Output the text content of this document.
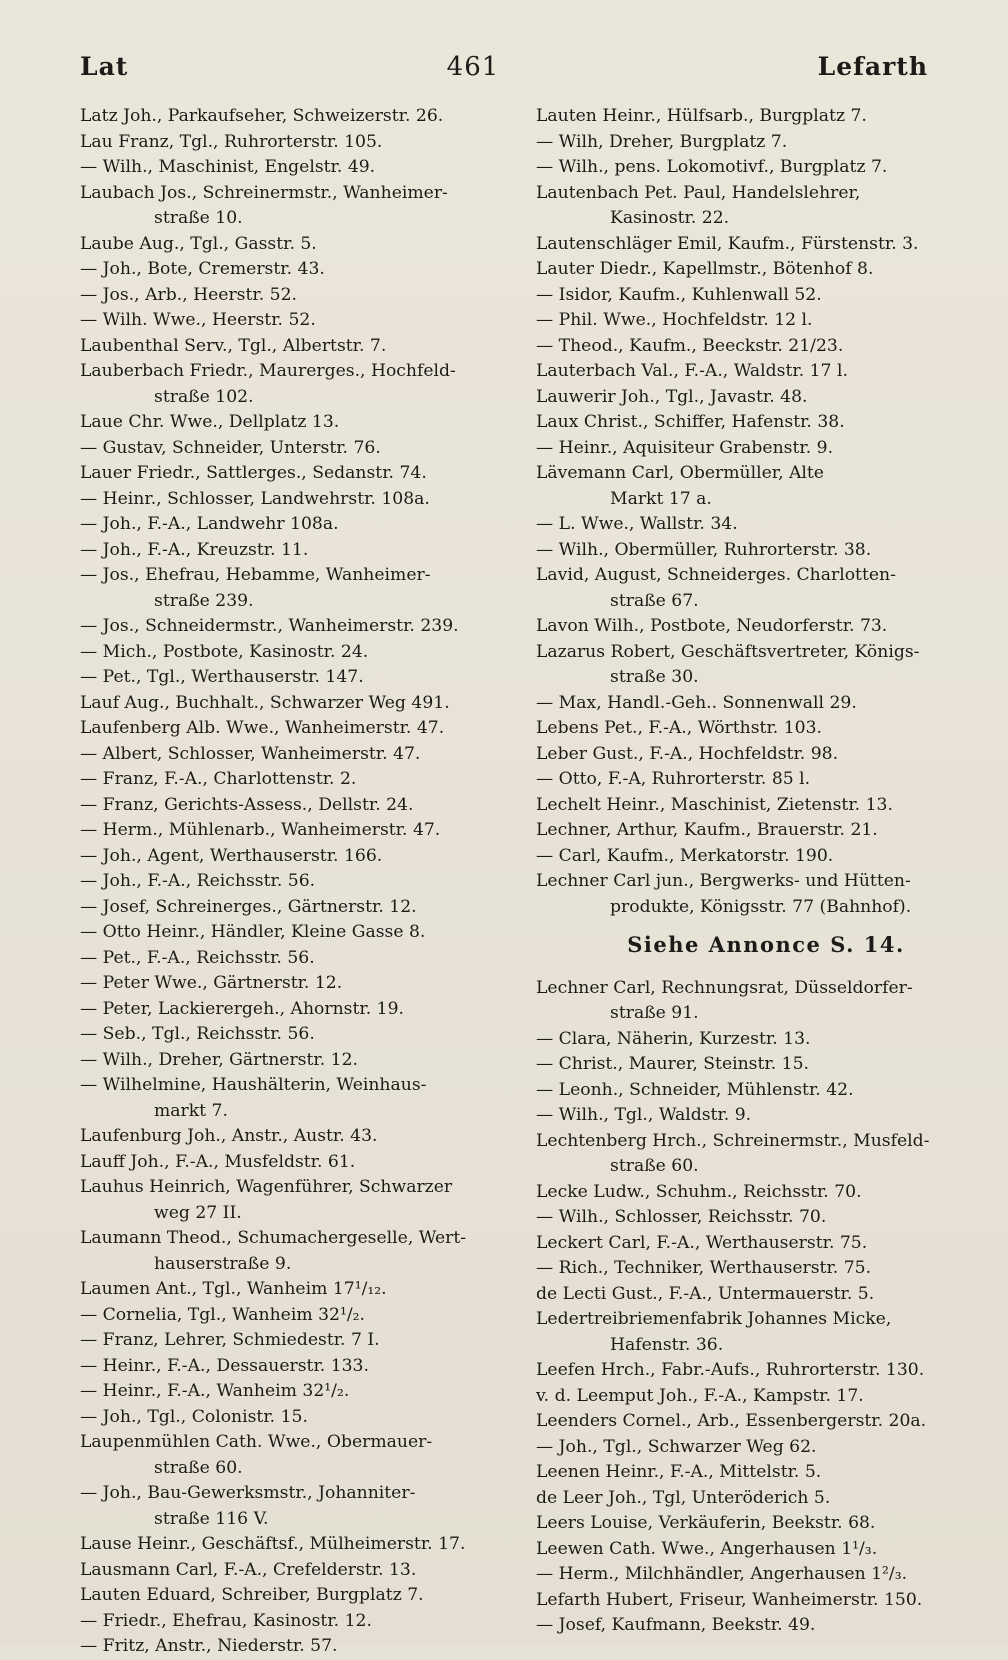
Lat	461	Lefarth
Latz Joh., Parkaufseher, Schweizerstr. 26.
Lau Franz, Tgl., Ruhrorterstr. 105.
— Wilh., Maschinist, Engelstr. 49.
Laubach Jos., Schreinermstr., Wanheimer-
straße 10.
Laube Aug., Tgl., Gasstr. 5.
— Joh., Bote, Cremerstr. 43.
— Jos., Arb., Heerstr. 52.
— Wilh. Wwe., Heerstr. 52.
Laubenthal Serv., Tgl., Albertstr. 7.
Lauberbach Friedr., Maurerges., Hochfeld-
straße 102.
Laue Chr. Wwe., Dellplatz 13.
— Gustav, Schneider, Unterstr. 76.
Lauer Friedr., Sattlerges., Sedanstr. 74.
— Heinr., Schlosser, Landwehrstr. 108a.
— Joh., F.-A., Landwehr 108a.
— Joh., F.-A., Kreuzstr. 11.
— Jos., Ehefrau, Hebamme, Wanheimer-
straße 239.
— Jos., Schneidermstr., Wanheimerstr. 239.
— Mich., Postbote, Kasinostr. 24.
— Pet., Tgl., Werthauserstr. 147.
Lauf Aug., Buchhalt., Schwarzer Weg 491.
Laufenberg Alb. Wwe., Wanheimerstr. 47.
— Albert, Schlosser, Wanheimerstr. 47.
— Franz, F.-A., Charlottenstr. 2.
— Franz, Gerichts-Assess., Dellstr. 24.
— Herm., Mühlenarb., Wanheimerstr. 47.
— Joh., Agent, Werthauserstr. 166.
— Joh., F.-A., Reichsstr. 56.
— Josef, Schreinerges., Gärtnerstr. 12.
— Otto Heinr., Händler, Kleine Gasse 8.
— Pet., F.-A., Reichsstr. 56.
— Peter Wwe., Gärtnerstr. 12.
— Peter, Lackierergeh., Ahornstr. 19.
— Seb., Tgl., Reichsstr. 56.
— Wilh., Dreher, Gärtnerstr. 12.
— Wilhelmine, Haushälterin, Weinhaus-
markt 7.
Laufenburg Joh., Anstr., Austr. 43.
Lauff Joh., F.-A., Musfeldstr. 61.
Lauhus Heinrich, Wagenführer, Schwarzer
weg 27 II.
Laumann Theod., Schumachergeselle, Wert-
hauserstraße 9.
Laumen Ant., Tgl., Wanheim 17¹/₁₂.
— Cornelia, Tgl., Wanheim 32¹/₂.
— Franz, Lehrer, Schmiedestr. 7 I.
— Heinr., F.-A., Dessauerstr. 133.
— Heinr., F.-A., Wanheim 32¹/₂.
— Joh., Tgl., Colonistr. 15.
Laupenmühlen Cath. Wwe., Obermauer-
straße 60.
— Joh., Bau-Gewerksmstr., Johanniter-
straße 116 V.
Lause Heinr., Geschäftsf., Mülheimerstr. 17.
Lausmann Carl, F.-A., Crefelderstr. 13.
Lauten Eduard, Schreiber, Burgplatz 7.
— Friedr., Ehefrau, Kasinostr. 12.
— Fritz, Anstr., Niederstr. 57.
Lauten Heinr., Hülfsarb., Burgplatz 7.
— Wilh, Dreher, Burgplatz 7.
— Wilh., pens. Lokomotivf., Burgplatz 7.
Lautenbach Pet. Paul, Handelslehrer,
Kasinostr. 22.
Lautenschläger Emil, Kaufm., Fürstenstr. 3.
Lauter Diedr., Kapellmstr., Bötenhof 8.
— Isidor, Kaufm., Kuhlenwall 52.
— Phil. Wwe., Hochfeldstr. 12 l.
— Theod., Kaufm., Beeckstr. 21/23.
Lauterbach Val., F.-A., Waldstr. 17 l.
Lauwerir Joh., Tgl., Javastr. 48.
Laux Christ., Schiffer, Hafenstr. 38.
— Heinr., Aquisiteur Grabenstr. 9.
Lävemann Carl, Obermüller, Alte
Markt 17 a.
— L. Wwe., Wallstr. 34.
— Wilh., Obermüller, Ruhrorterstr. 38.
Lavid, August, Schneiderges. Charlotten-
straße 67.
Lavon Wilh., Postbote, Neudorferstr. 73.
Lazarus Robert, Geschäftsvertreter, Königs-
straße 30.
— Max, Handl.-Geh.. Sonnenwall 29.
Lebens Pet., F.-A., Wörthstr. 103.
Leber Gust., F.-A., Hochfeldstr. 98.
— Otto, F.-A, Ruhrorterstr. 85 l.
Lechelt Heinr., Maschinist, Zietenstr. 13.
Lechner, Arthur, Kaufm., Brauerstr. 21.
— Carl, Kaufm., Merkatorstr. 190.
Lechner Carl jun., Bergwerks- und Hütten-
produkte, Königsstr. 77 (Bahnhof).
Siehe Annonce S. 14.
Lechner Carl, Rechnungsrat, Düsseldorfer-
straße 91.
— Clara, Näherin, Kurzestr. 13.
— Christ., Maurer, Steinstr. 15.
— Leonh., Schneider, Mühlenstr. 42.
— Wilh., Tgl., Waldstr. 9.
Lechtenberg Hrch., Schreinermstr., Musfeld-
straße 60.
Lecke Ludw., Schuhm., Reichsstr. 70.
— Wilh., Schlosser, Reichsstr. 70.
Leckert Carl, F.-A., Werthauserstr. 75.
— Rich., Techniker, Werthauserstr. 75.
de Lecti Gust., F.-A., Untermauerstr. 5.
Ledertreibriemenfabrik Johannes Micke,
Hafenstr. 36.
Leefen Hrch., Fabr.-Aufs., Ruhrorterstr. 130.
v. d. Leemput Joh., F.-A., Kampstr. 17.
Leenders Cornel., Arb., Essenbergerstr. 20a.
— Joh., Tgl., Schwarzer Weg 62.
Leenen Heinr., F.-A., Mittelstr. 5.
de Leer Joh., Tgl, Unteröderich 5.
Leers Louise, Verkäuferin, Beekstr. 68.
Leewen Cath. Wwe., Angerhausen 1¹/₃.
— Herm., Milchhändler, Angerhausen 1²/₃.
Lefarth Hubert, Friseur, Wanheimerstr. 150.
— Josef, Kaufmann, Beekstr. 49.
